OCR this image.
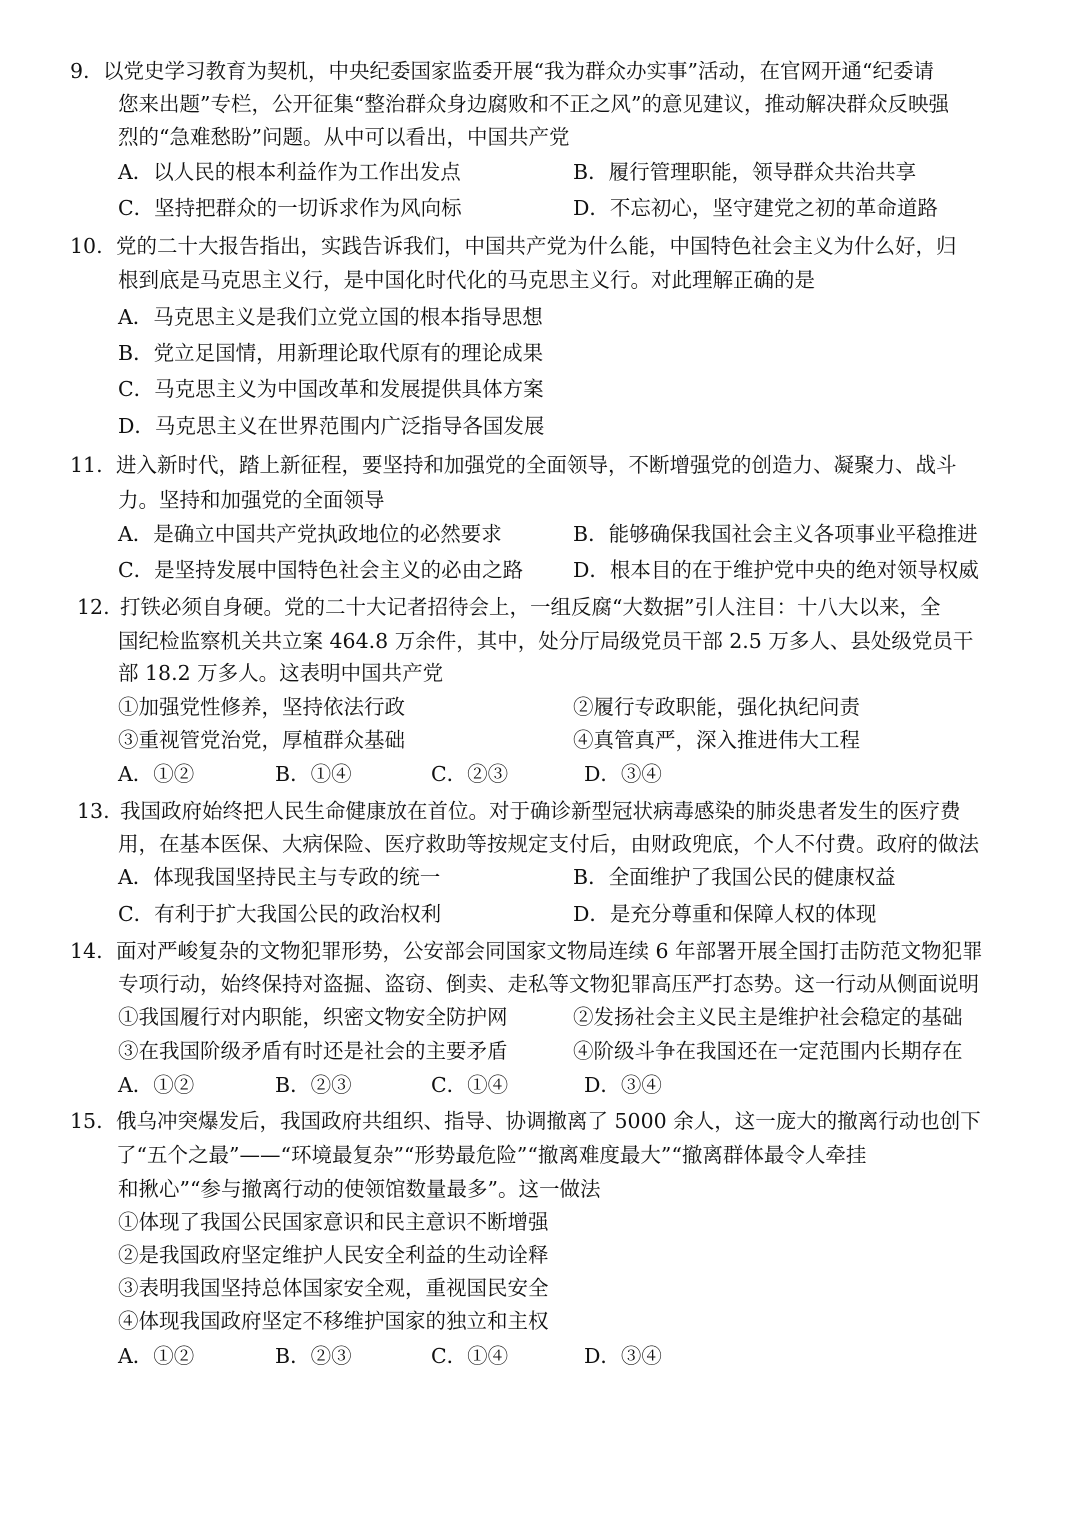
9. 以党史学习教育为契机，中央纪委国家监委开展“我为群众办实事”活动，在官网开通“纪委请
您来出题”专栏，公开征集“整治群众身边腐败和不正之风”的意见建议，推动解决群众反映强
烈的“急难愁盼”问题。从中可以看出，中国共产党
A．以人民的根本利益作为工作出发点	B．履行管理职能，领导群众共治共享
C．坚持把群众的一切诉求作为风向标	D．不忘初心，坚守建党之初的革命道路
10. 党的二十大报告指出，实践告诉我们，中国共产党为什么能，中国特色社会主义为什么好，归
根到底是马克思主义行，是中国化时代化的马克思主义行。对此理解正确的是
A．马克思主义是我们立党立国的根本指导思想
B．党立足国情，用新理论取代原有的理论成果
C．马克思主义为中国改革和发展提供具体方案
D．马克思主义在世界范围内广泛指导各国发展
11. 进入新时代，踏上新征程，要坚持和加强党的全面领导，不断增强党的创造力、凝聚力、战斗
力。坚持和加强党的全面领导
A．是确立中国共产党执政地位的必然要求	B．能够确保我国社会主义各项事业平稳推进
C．是坚持发展中国特色社会主义的必由之路 D．根本目的在于维护党中央的绝对领导权威
12. 打铁必须自身硬。党的二十大记者招待会上，一组反腐“大数据”引人注目：十八大以来，全
国纪检监察机关共立案 464.8 万余件，其中，处分厅局级党员干部 2.5 万多人、县处级党员干
部 18.2 万多人。这表明中国共产党
①加强党性修养，坚持依法行政	②履行专政职能，强化执纪问责
③重视管党治党，厚植群众基础	④真管真严，深入推进伟大工程
A．①②	B．①④	C．②③	D．③④
13. 我国政府始终把人民生命健康放在首位。对于确诊新型冠状病毒感染的肺炎患者发生的医疗费
用，在基本医保、大病保险、医疗救助等按规定支付后，由财政兜底，个人不付费。政府的做法
A．体现我国坚持民主与专政的统一	B．全面维护了我国公民的健康权益
C．有利于扩大我国公民的政治权利	D．是充分尊重和保障人权的体现
14. 面对严峻复杂的文物犯罪形势，公安部会同国家文物局连续 6 年部署开展全国打击防范文物犯罪
专项行动，始终保持对盗掘、盗窃、倒卖、走私等文物犯罪高压严打态势。这一行动从侧面说明
①我国履行对内职能，织密文物安全防护网	②发扬社会主义民主是维护社会稳定的基础
③在我国阶级矛盾有时还是社会的主要矛盾	④阶级斗争在我国还在一定范围内长期存在
A．①②	B．②③	C．①④	D．③④
15. 俄乌冲突爆发后，我国政府共组织、指导、协调撤离了 5000 余人，这一庞大的撤离行动也创下
了“五个之最”——“环境最复杂”“形势最危险”“撤离难度最大”“撤离群体最令人牵挂
和揪心”“参与撤离行动的使领馆数量最多”。这一做法
①体现了我国公民国家意识和民主意识不断增强
②是我国政府坚定维护人民安全利益的生动诠释
③表明我国坚持总体国家安全观，重视国民安全
④体现我国政府坚定不移维护国家的独立和主权
A．①②	B．②③	C．①④	D．③④
